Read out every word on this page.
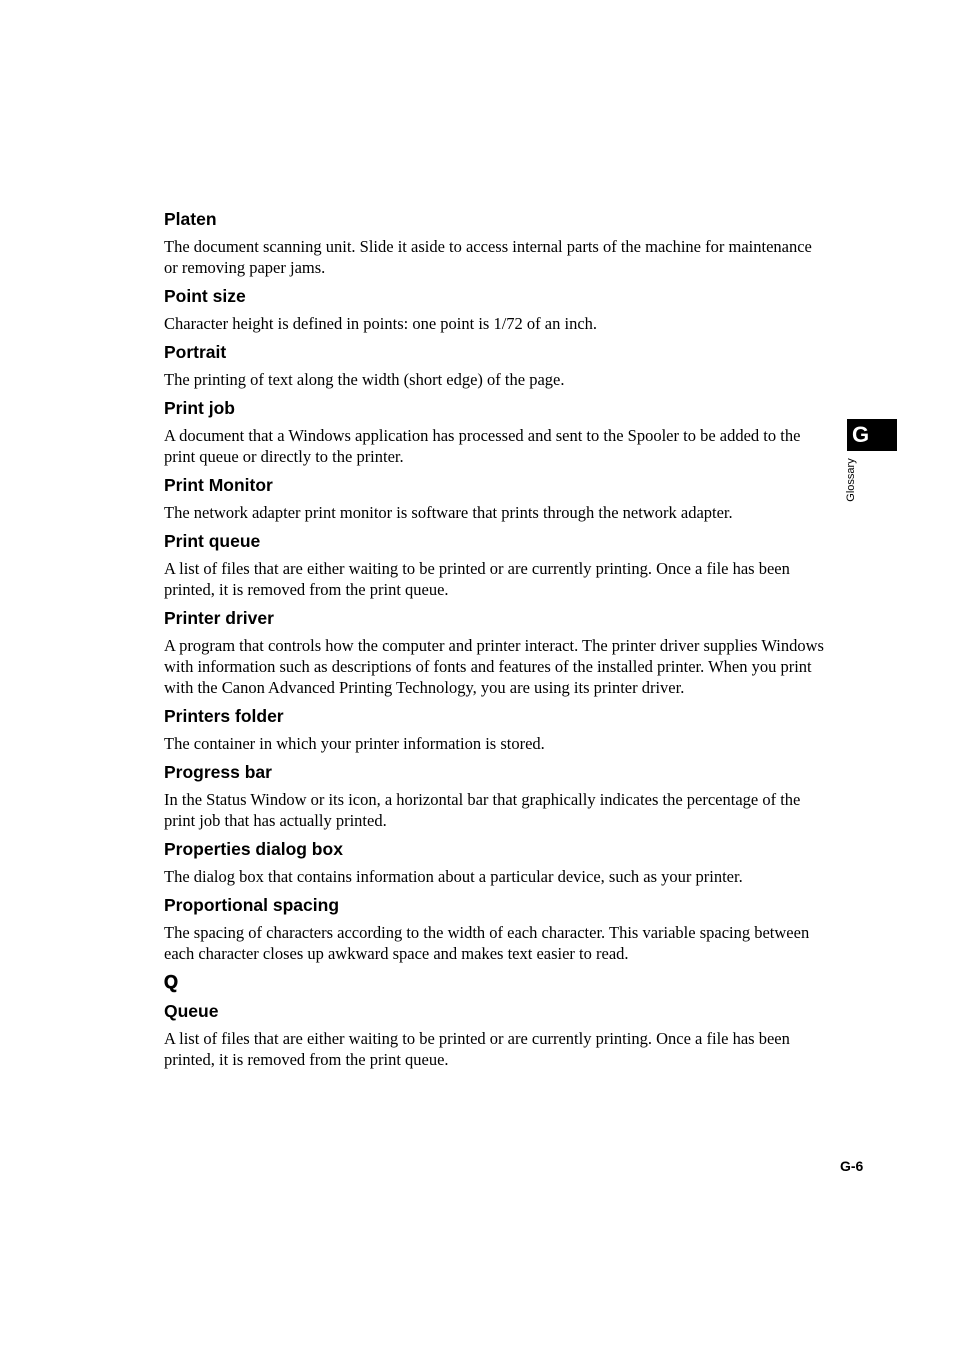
Platen
The document scanning unit. Slide it aside to access internal parts of the machine for maintenance or removing paper jams.
Point size
Character height is defined in points: one point is 1/72 of an inch.
Portrait
The printing of text along the width (short edge) of the page.
Print job
A document that a Windows application has processed and sent to the Spooler to be added to the print queue or directly to the printer.
Print Monitor
The network adapter print monitor is software that prints through the network adapter.
Print queue
A list of files that are either waiting to be printed or are currently printing. Once a file has been printed, it is removed from the print queue.
Printer driver
A program that controls how the computer and printer interact. The printer driver supplies Windows with information such as descriptions of fonts and features of the installed printer. When you print with the Canon Advanced Printing Technology, you are using its printer driver.
Printers folder
The container in which your printer information is stored.
Progress bar
In the Status Window or its icon, a horizontal bar that graphically indicates the percentage of the print job that has actually printed.
Properties dialog box
The dialog box that contains information about a particular device, such as your printer.
Proportional spacing
The spacing of characters according to the width of each character. This variable spacing between each character closes up awkward space and makes text easier to read.
Q
Queue
A list of files that are either waiting to be printed or are currently printing. Once a file has been printed, it is removed from the print queue.
G
Glossary
G-6
